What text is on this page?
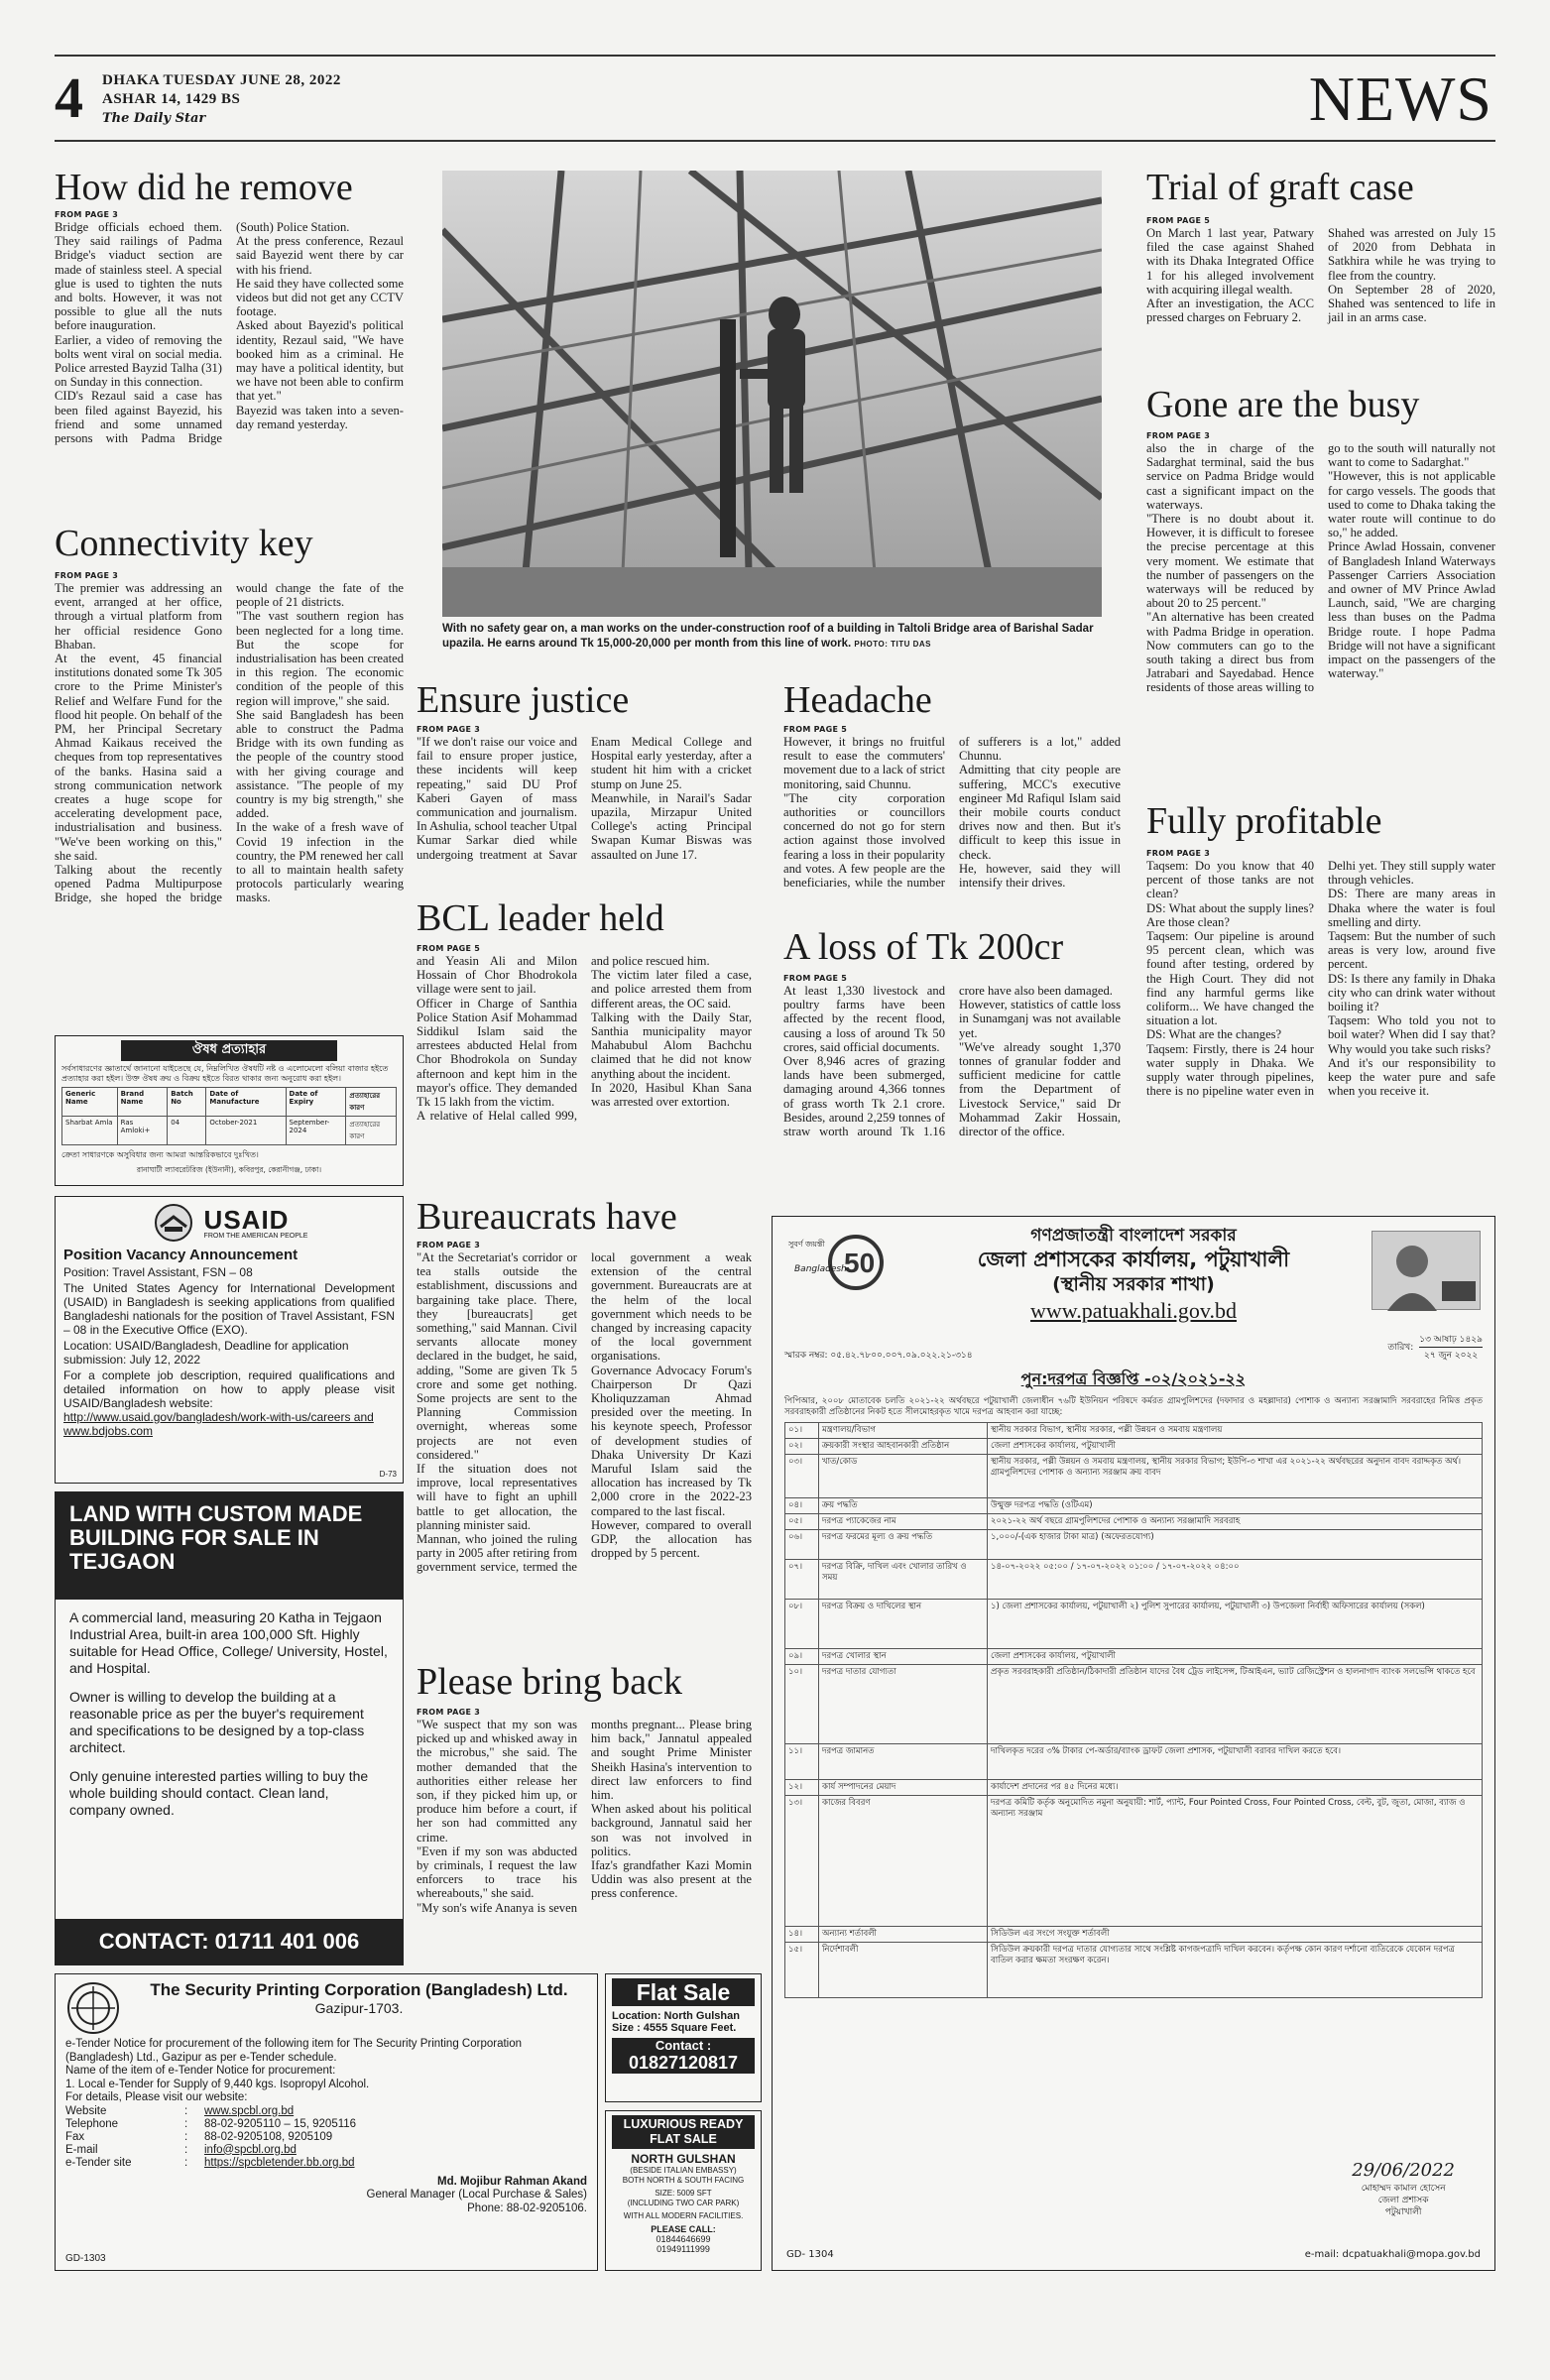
4 DHAKA TUESDAY JUNE 28, 2022
ASHAR 14, 1429 BS
The Daily Star	NEWS
How did he remove
FROM PAGE 3
Bridge officials echoed them. They said railings of Padma Bridge's viaduct section are made of stainless steel. A special glue is used to tighten the nuts and bolts. However, it was not possible to glue all the nuts before inauguration.
Earlier, a video of removing the bolts went viral on social media. Police arrested Bayzid Talha (31) on Sunday in this connection.
CID's Rezaul said a case has been filed against Bayezid, his friend and some unnamed persons with Padma Bridge (South) Police Station.
At the press conference, Rezaul said Bayezid went there by car with his friend.
He said they have collected some videos but did not get any CCTV footage.
Asked about Bayezid's political identity, Rezaul said, "We have booked him as a criminal. He may have a political identity, but we have not been able to confirm that yet."
Bayezid was taken into a seven-day remand yesterday.
Connectivity key
FROM PAGE 3
The premier was addressing an event, arranged at her office, through a virtual platform from her official residence Gono Bhaban.
At the event, 45 financial institutions donated some Tk 305 crore to the Prime Minister's Relief and Welfare Fund for the flood hit people. On behalf of the PM, her Principal Secretary Ahmad Kaikaus received the cheques from top representatives of the banks. Hasina said a strong communication network creates a huge scope for accelerating development pace, industrialisation and business. "We've been working on this," she said.
Talking about the recently opened Padma Multipurpose Bridge, she hoped the bridge would change the fate of the people of 21 districts.
"The vast southern region has been neglected for a long time. But the scope for industrialisation has been created in this region. The economic condition of the people of this region will improve," she said.
She said Bangladesh has been able to construct the Padma Bridge with its own funding as the people of the country stood with her giving courage and assistance. "The people of my country is my big strength," she added.
In the wake of a fresh wave of Covid 19 infection in the country, the PM renewed her call to all to maintain health safety protocols particularly wearing masks.
With no safety gear on, a man works on the under-construction roof of a building in Taltoli Bridge area of Barishal Sadar upazila. He earns around Tk 15,000-20,000 per month from this line of work. PHOTO: TITU DAS
Trial of graft case
FROM PAGE 5
On March 1 last year, Patwary filed the case against Shahed with its Dhaka Integrated Office 1 for his alleged involvement with acquiring illegal wealth.
After an investigation, the ACC pressed charges on February 2.
Shahed was arrested on July 15 of 2020 from Debhata in Satkhira while he was trying to flee from the country.
On September 28 of 2020, Shahed was sentenced to life in jail in an arms case.
Gone are the busy
FROM PAGE 3
also the in charge of the Sadarghat terminal, said the bus service on Padma Bridge would cast a significant impact on the waterways.
"There is no doubt about it. However, it is difficult to foresee the precise percentage at this very moment. We estimate that the number of passengers on the waterways will be reduced by about 20 to 25 percent."
"An alternative has been created with Padma Bridge in operation. Now commuters can go to the south taking a direct bus from Jatrabari and Sayedabad. Hence residents of those areas willing to go to the south will naturally not want to come to Sadarghat."
"However, this is not applicable for cargo vessels. The goods that used to come to Dhaka taking the water route will continue to do so," he added.
Prince Awlad Hossain, convener of Bangladesh Inland Waterways Passenger Carriers Association and owner of MV Prince Awlad Launch, said, "We are charging less than buses on the Padma Bridge route. I hope Padma Bridge will not have a significant impact on the passengers of the waterway."
Fully profitable
FROM PAGE 3
Taqsem: Do you know that 40 percent of those tanks are not clean?
DS: What about the supply lines? Are those clean?
Taqsem: Our pipeline is around 95 percent clean, which was found after testing, ordered by the High Court. They did not find any harmful germs like coliform... We have changed the situation a lot.
DS: What are the changes?
Taqsem: Firstly, there is 24 hour water supply in Dhaka. We supply water through pipelines, there is no pipeline water even in Delhi yet. They still supply water through vehicles.
DS: There are many areas in Dhaka where the water is foul smelling and dirty.
Taqsem: But the number of such areas is very low, around five percent.
DS: Is there any family in Dhaka city who can drink water without boiling it?
Taqsem: Who told you not to boil water? When did I say that? Why would you take such risks?
And it's our responsibility to keep the water pure and safe when you receive it.
Ensure justice
FROM PAGE 3
"If we don't raise our voice and fail to ensure proper justice, these incidents will keep repeating," said DU Prof Kaberi Gayen of mass communication and journalism. In Ashulia, school teacher Utpal Kumar Sarkar died while undergoing treatment at Savar Enam Medical College and Hospital early yesterday, after a student hit him with a cricket stump on June 25.
Meanwhile, in Narail's Sadar upazila, Mirzapur United College's acting Principal Swapan Kumar Biswas was assaulted on June 17.
Headache
FROM PAGE 5
However, it brings no fruitful result to ease the commuters' movement due to a lack of strict monitoring, said Chunnu.
"The city corporation authorities or councillors concerned do not go for stern action against those involved fearing a loss in their popularity and votes. A few people are the beneficiaries, while the number of sufferers is a lot," added Chunnu.
Admitting that city people are suffering, MCC's executive engineer Md Rafiqul Islam said their mobile courts conduct drives now and then. But it's difficult to keep this issue in check.
He, however, said they will intensify their drives.
BCL leader held
FROM PAGE 5
and Yeasin Ali and Milon Hossain of Chor Bhodrokola village were sent to jail.
Officer in Charge of Santhia Police Station Asif Mohammad Siddikul Islam said the arrestees abducted Helal from Chor Bhodrokola on Sunday afternoon and kept him in the mayor's office. They demanded Tk 15 lakh from the victim.
A relative of Helal called 999, and police rescued him.
The victim later filed a case, and police arrested them from different areas, the OC said.
Talking with the Daily Star, Santhia municipality mayor Mahabubul Alom Bachchu claimed that he did not know anything about the incident.
In 2020, Hasibul Khan Sana was arrested over extortion.
A loss of Tk 200cr
FROM PAGE 5
At least 1,330 livestock and poultry farms have been affected by the recent flood, causing a loss of around Tk 50 crores, said official documents.
Over 8,946 acres of grazing lands have been submerged, damaging around 4,366 tonnes of grass worth Tk 2.1 crore. Besides, around 2,259 tonnes of straw worth around Tk 1.16 crore have also been damaged.
However, statistics of cattle loss in Sunamganj was not available yet.
"We've already sought 1,370 tonnes of granular fodder and sufficient medicine for cattle from the Department of Livestock Service," said Dr Mohammad Zakir Hossain, director of the office.
Bureaucrats have
FROM PAGE 3
"At the Secretariat's corridor or tea stalls outside the establishment, discussions and bargaining take place. There, they [bureaucrats] get something," said Mannan. Civil servants allocate money declared in the budget, he said, adding, "Some are given Tk 5 crore and some get nothing. Some projects are sent to the Planning Commission overnight, whereas some projects are not even considered."
If the situation does not improve, local representatives will have to fight an uphill battle to get allocation, the planning minister said.
Mannan, who joined the ruling party in 2005 after retiring from government service, termed the local government a weak extension of the central government. Bureaucrats are at the helm of the local government which needs to be changed by increasing capacity of the local government organisations.
Governance Advocacy Forum's Chairperson Dr Qazi Kholiquzzaman Ahmad presided over the meeting. In his keynote speech, Professor of development studies of Dhaka University Dr Kazi Maruful Islam said the allocation has increased by Tk 2,000 crore in the 2022-23 compared to the last fiscal.
However, compared to overall GDP, the allocation has dropped by 5 percent.
Please bring back
FROM PAGE 3
"We suspect that my son was picked up and whisked away in the microbus," she said. The mother demanded that the authorities either release her son, if they picked him up, or produce him before a court, if her son had committed any crime.
"Even if my son was abducted by criminals, I request the law enforcers to trace his whereabouts," she said.
"My son's wife Ananya is seven months pregnant... Please bring him back," Jannatul appealed and sought Prime Minister Sheikh Hasina's intervention to direct law enforcers to find him.
When asked about his political background, Jannatul said her son was not involved in politics.
Ifaz's grandfather Kazi Momin Uddin was also present at the press conference.
ঔষধ প্রত্যাহার
সর্বসাধারণের জ্ঞাতার্থে জানানো যাইতেছে যে, নিম্নলিখিত ঔষধটি নষ্ট ও এলোমেলো বলিয়া বাজার হইতে প্রত্যাহার করা হইল। উক্ত ঔষধ ক্রয় ও বিক্রয় হইতে বিরত থাকার জন্য অনুরোধ করা হইল।
Generic Name	Brand Name	Batch No	Date of Manufacture	Date of Expiry	প্রত্যাহারের কারণ
Sharbat Amla	Ras Amloki+	04	October-2021	September-2024	প্রত্যাহারের কারণ
ক্রেতা সাধারণকে অসুবিধার জন্য আমরা আন্তরিকভাবে দুঃখিত।
রানাঘাটী ল্যাবরেটরিজ (ইউনানী), কবিরপুর, কেরানীগঞ্জ, ঢাকা।
USAID
FROM THE AMERICAN PEOPLE
Position Vacancy Announcement
Position: Travel Assistant, FSN – 08
The United States Agency for International Development (USAID) in Bangladesh is seeking applications from qualified Bangladeshi nationals for the position of Travel Assistant, FSN – 08 in the Executive Office (EXO).
Location: USAID/Bangladesh, Deadline for application submission: July 12, 2022
For a complete job description, required qualifications and detailed information on how to apply please visit USAID/Bangladesh website:
http://www.usaid.gov/bangladesh/work-with-us/careers and www.bdjobs.com
D-73
LAND WITH CUSTOM MADE BUILDING FOR SALE IN TEJGAON
A commercial land, measuring 20 Katha in Tejgaon Industrial Area, built-in area 100,000 Sft. Highly suitable for Head Office, College/ University, Hostel, and Hospital.
Owner is willing to develop the building at a reasonable price as per the buyer's requirement and specifications to be designed by a top-class architect.
Only genuine interested parties willing to buy the whole building should contact. Clean land, company owned.
CONTACT: 01711 401 006
The Security Printing Corporation (Bangladesh) Ltd.
Gazipur-1703.
e-Tender Notice for procurement of the following item for The Security Printing Corporation (Bangladesh) Ltd., Gazipur as per e-Tender schedule.
Name of the item of e-Tender Notice for procurement:
1. Local e-Tender for Supply of 9,440 kgs. Isopropyl Alcohol.
For details, Please visit our website:
Website	:	www.spcbl.org.bd
Telephone	:	88-02-9205110 – 15, 9205116
Fax	:	88-02-9205108, 9205109
E-mail	:	info@spcbl.org.bd
e-Tender site	:	https://spcbletender.bb.org.bd
Md. Mojibur Rahman Akand
General Manager (Local Purchase & Sales)
Phone: 88-02-9205106.
GD-1303
Flat Sale
Location: North Gulshan
Size : 4555 Square Feet.
Contact :
01827120817
LUXURIOUS READY FLAT SALE
NORTH GULSHAN
(BESIDE ITALIAN EMBASSY)
BOTH NORTH & SOUTH FACING
SIZE: 5009 SFT
(INCLUDING TWO CAR PARK)
WITH ALL MODERN FACILITIES.
PLEASE CALL:
01844646699
01949111999
50
সুবর্ণ জয়ন্তী
Bangladesh
গণপ্রজাতন্ত্রী বাংলাদেশ সরকার
জেলা প্রশাসকের কার্যালয়, পটুয়াখালী
(স্থানীয় সরকার শাখা)
www.patuakhali.gov.bd
স্মারক নম্বর: ০৫.৪২.৭৮০০.০০৭.০৯.০২২.২১-৩১৪
তারিখ:
১৩ আষাঢ় ১৪২৯
২৭ জুন ২০২২
পুন:দরপত্র বিজ্ঞপ্তি -০২/২০২১-২২
পিপিআর, ২০০৮ মোতাবেক চলতি ২০২১-২২ অর্থবছরে পটুয়াখালী জেলাধীন ৭৬টি ইউনিয়ন পরিষদে কর্মরত গ্রামপুলিশদের (দফাদার ও মহল্লাদার) পোশাক ও অন্যান্য সরঞ্জামাদি সরবরাহের নিমিত্ত প্রকৃত সরবরাহকারী প্রতিষ্ঠানের নিকট হতে সীলমোহরকৃত খামে দরপত্র আহবান করা যাচ্ছে:
০১।	মন্ত্রণালয়/বিভাগ	স্থানীয় সরকার বিভাগ, স্থানীয় সরকার, পল্লী উন্নয়ন ও সমবায় মন্ত্রণালয়
০২।	ক্রয়কারী সংস্থার আহবানকারী প্রতিষ্ঠান	জেলা প্রশাসকের কার্যালয়, পটুয়াখালী
০৩।	খাত/কোড	স্থানীয় সরকার, পল্লী উন্নয়ন ও সমবায় মন্ত্রণালয়, স্থানীয় সরকার বিভাগ; ইউপি-৩ শাখা এর ২০২১-২২ অর্থবছরের অনুদান বাবদ বরাদ্দকৃত অর্থ। গ্রামপুলিশদের পোশাক ও অন্যান্য সরঞ্জাম ক্রয় বাবদ
০৪।	ক্রয় পদ্ধতি	উন্মুক্ত দরপত্র পদ্ধতি (ওটিএম)
০৫।	দরপত্র প্যাকেজের নাম	২০২১-২২ অর্থ বছরে গ্রামপুলিশদের পোশাক ও অন্যান্য সরঞ্জামাদি সরবরাহ
০৬।	দরপত্র ফরমের মূল্য ও ক্রয় পদ্ধতি	১,০০০/-(এক হাজার টাকা মাত্র) (অফেরতযোগ্য)
০৭।	দরপত্র বিক্রি, দাখিল এবং খোলার তারিখ ও সময়	১৪-০৭-২০২২ ০৫:০০ / ১৭-০৭-২০২২ ০১:০০ / ১৭-০৭-২০২২ ০৪:০০
০৮।	দরপত্র বিক্রয় ও দাখিলের স্থান	১) জেলা প্রশাসকের কার্যালয়, পটুয়াখালী ২) পুলিশ সুপারের কার্যালয়, পটুয়াখালী ৩) উপজেলা নির্বাহী অফিসারের কার্যালয় (সকল)
০৯।	দরপত্র খোলার স্থান	জেলা প্রশাসকের কার্যালয়, পটুয়াখালী
১০।	দরপত্র দাতার যোগ্যতা	প্রকৃত সরবরাহকারী প্রতিষ্ঠান/ঠিকাদারী প্রতিষ্ঠান যাদের বৈধ ট্রেড লাইসেন্স, টিআইএন, ভ্যাট রেজিস্ট্রেশন ও হালনাগাদ ব্যাংক সলভেন্সি থাকতে হবে
১১।	দরপত্র জামানত	দাখিলকৃত দরের ৩% টাকার পে-অর্ডার/ব্যাংক ড্রাফট জেলা প্রশাসক, পটুয়াখালী বরাবর দাখিল করতে হবে।
১২।	কার্য সম্পাদনের মেয়াদ	কার্যাদেশ প্রদানের পর ৪৫ দিনের মধ্যে।
১৩।	কাজের বিবরণ	দরপত্র কমিটি কর্তৃক অনুমোদিত নমুনা অনুযায়ী: শার্ট, প্যান্ট, Four Pointed Cross, Four Pointed Cross, বেল্ট, বুট, জুতা, মোজা, ব্যাজ ও অন্যান্য সরঞ্জাম
১৪।	অন্যান্য শর্তাবলী	সিডিউল এর সংগে সংযুক্ত শর্তাবলী
১৫।	নির্দেশাবলী	সিডিউল ক্রয়কারী দরপত্র দাতার যোগ্যতার সাথে সংশ্লিষ্ট কাগজপত্রাদি দাখিল করবেন। কর্তৃপক্ষ কোন কারণ দর্শানো ব্যতিরেকে যেকোন দরপত্র বাতিল করার ক্ষমতা সংরক্ষণ করেন।
29/06/2022
মোহাম্মদ কামাল হোসেন
জেলা প্রশাসক
পটুয়াখালী
GD- 1304	e-mail: dcpatuakhali@mopa.gov.bd
